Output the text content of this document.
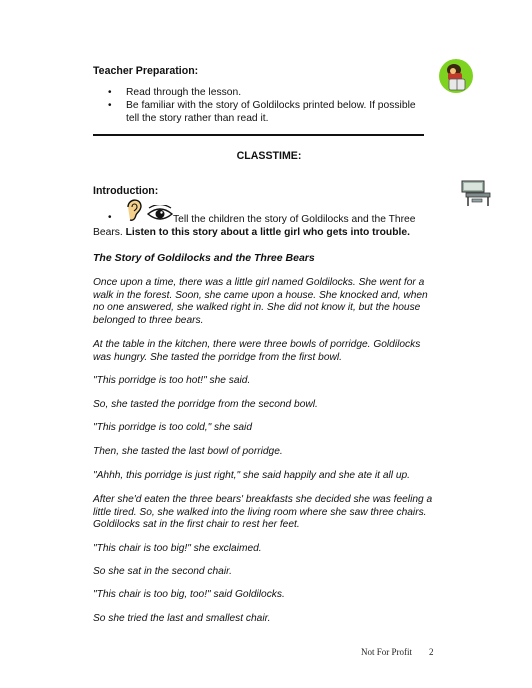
Teacher Preparation:
• Read through the lesson.
• Be familiar with the story of Goldilocks printed below. If possible tell the story rather than read it.
CLASSTIME:
Introduction:
•	Tell the children the story of Goldilocks and the Three
Bears. Listen to this story about a little girl who gets into trouble.
The Story of Goldilocks and the Three Bears

Once upon a time, there was a little girl named Goldilocks. She went for a walk in the forest. Soon, she came upon a house. She knocked and, when no one answered, she walked right in. She did not know it, but the house belonged to three bears.

At the table in the kitchen, there were three bowls of porridge. Goldilocks was hungry. She tasted the porridge from the first bowl.

"This porridge is too hot!" she said.

So, she tasted the porridge from the second bowl.

"This porridge is too cold," she said

Then, she tasted the last bowl of porridge.

"Ahhh, this porridge is just right," she said happily and she ate it all up.

After she'd eaten the three bears' breakfasts she decided she was feeling a little tired. So, she walked into the living room where she saw three chairs. Goldilocks sat in the first chair to rest her feet.

"This chair is too big!" she exclaimed.

So she sat in the second chair.

"This chair is too big, too!" said Goldilocks.

So she tried the last and smallest chair.

Not For Profit 2
